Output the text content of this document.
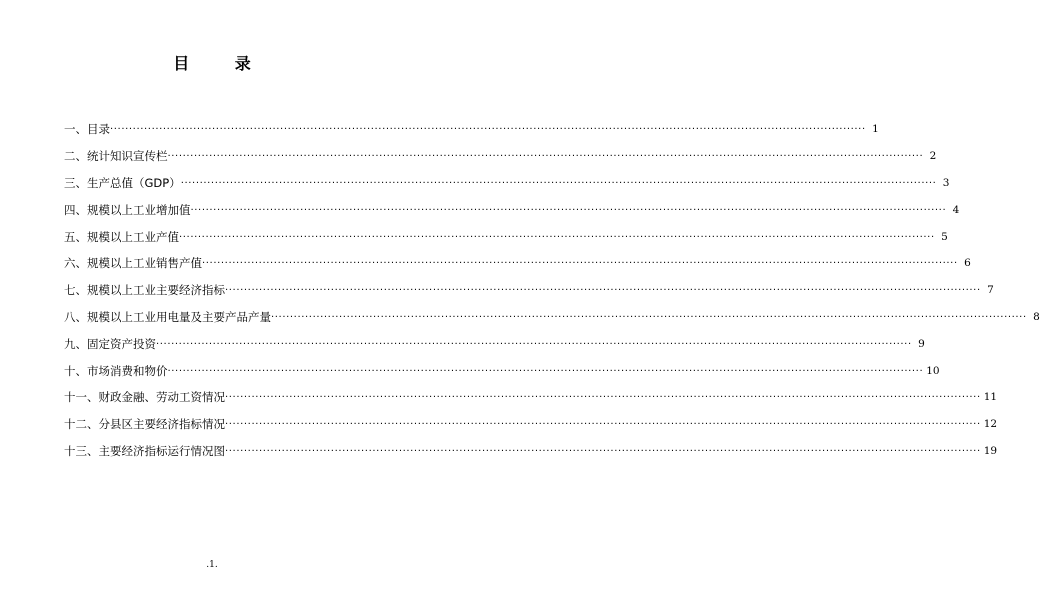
目 录
一、目录 ········································································································································································································ 1
二、统计知识宣传栏 ········································································································································································································ 2
三、生产总值（GDP） ········································································································································································································ 3
四、规模以上工业增加值 ········································································································································································································ 4
五、规模以上工业产值 ········································································································································································································ 5
六、规模以上工业销售产值 ········································································································································································································ 6
七、规模以上工业主要经济指标 ········································································································································································································ 7
八、规模以上工业用电量及主要产品产量 ········································································································································································································ 8
九、固定资产投资 ········································································································································································································ 9
十、市场消费和物价 ········································································································································································································ 10
十一、财政金融、劳动工资情况 ········································································································································································································ 11
十二、分县区主要经济指标情况 ········································································································································································································ 12
十三、主要经济指标运行情况图 ········································································································································································································ 19
.1.
